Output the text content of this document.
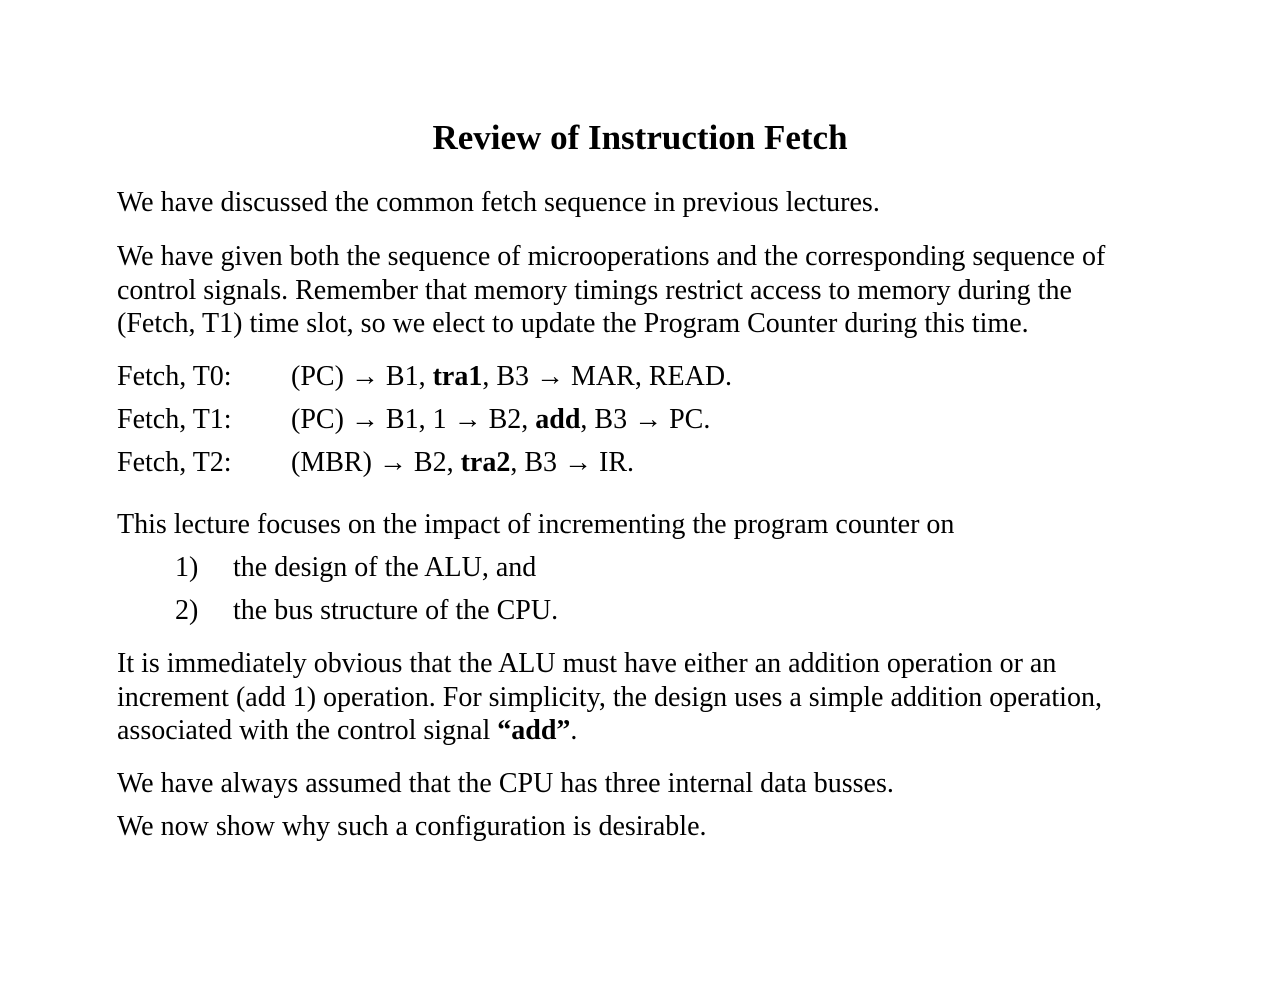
Review of Instruction Fetch

We have discussed the common fetch sequence in previous lectures.

We have given both the sequence of microoperations and the corresponding sequence of
control signals. Remember that memory timings restrict access to memory during the
(Fetch, T1) time slot, so we elect to update the Program Counter during this time.
Fetch, T0: (PC) → B1, tra1, B3 → MAR, READ.
Fetch, T1: (PC) → B1, 1 → B2, add, B3 → PC.
Fetch, T2: (MBR) → B2, tra2, B3 → IR.

This lecture focuses on the impact of incrementing the program counter on

1) the design of the ALU, and
2) the bus structure of the CPU.
It is immediately obvious that the ALU must have either an addition operation or an
increment (add 1) operation. For simplicity, the design uses a simple addition operation,
associated with the control signal “add”.

We have always assumed that the CPU has three internal data busses.

We now show why such a configuration is desirable.
